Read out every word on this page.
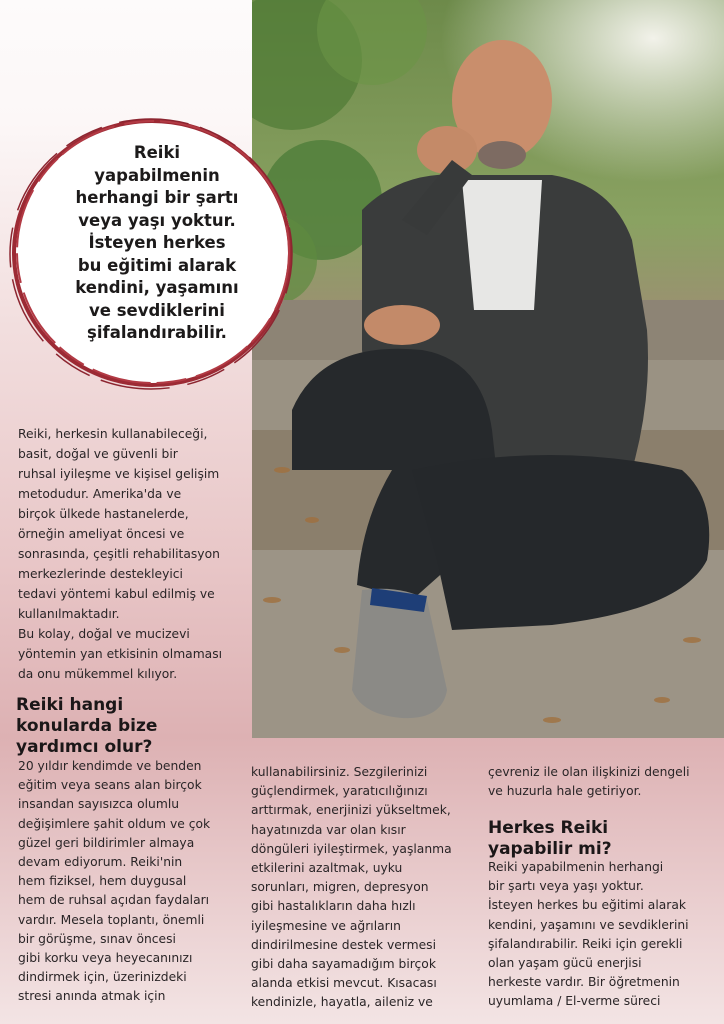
Reiki
yapabilmenin
herhangi bir şartı
veya yaşı yoktur.
İsteyen herkes
bu eğitimi alarak
kendini, yaşamını
ve sevdiklerini
şifalandırabilir.
Reiki, herkesin kullanabileceği,
basit, doğal ve güvenli bir
ruhsal iyileşme ve kişisel gelişim
metodudur. Amerika'da ve
birçok ülkede hastanelerde,
örneğin ameliyat öncesi ve
sonrasında, çeşitli rehabilitasyon
merkezlerinde destekleyici
tedavi yöntemi kabul edilmiş ve
kullanılmaktadır.
Bu kolay, doğal ve mucizevi
yöntemin yan etkisinin olmaması
da onu mükemmel kılıyor.
Reiki hangi
konularda bize
yardımcı olur?
20 yıldır kendimde ve benden
eğitim veya seans alan birçok
insandan sayısızca olumlu
değişimlere şahit oldum ve çok
güzel geri bildirimler almaya
devam ediyorum. Reiki'nin
hem fiziksel, hem duygusal
hem de ruhsal açıdan faydaları
vardır. Mesela toplantı, önemli
bir görüşme, sınav öncesi
gibi korku veya heyecanınızı
dindirmek için, üzerinizdeki
stresi anında atmak için
kullanabilirsiniz. Sezgilerinizi
güçlendirmek, yaratıcılığınızı
arttırmak, enerjinizi yükseltmek,
hayatınızda var olan kısır
döngüleri iyileştirmek, yaşlanma
etkilerini azaltmak, uyku
sorunları, migren, depresyon
gibi hastalıkların daha hızlı
iyileşmesine ve ağrıların
dindirilmesine destek vermesi
gibi daha sayamadığım birçok
alanda etkisi mevcut. Kısacası
kendinizle, hayatla, aileniz ve
çevreniz ile olan ilişkinizi dengeli
ve huzurla hale getiriyor.
Herkes Reiki
yapabilir mi?
Reiki yapabilmenin herhangi
bir şartı veya yaşı yoktur.
İsteyen herkes bu eğitimi alarak
kendini, yaşamını ve sevdiklerini
şifalandırabilir. Reiki için gerekli
olan yaşam gücü enerjisi
herkeste vardır. Bir öğretmenin
uyumlama / El-verme süreci
